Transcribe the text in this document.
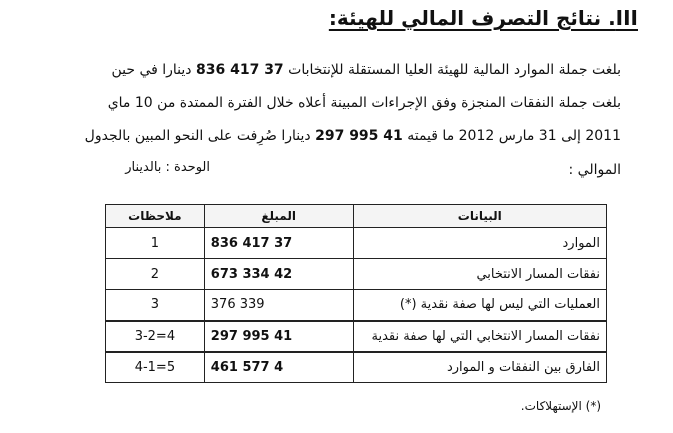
III. نتائج التصرف المالي للهيئة:
بلغت جملة الموارد المالية للهيئة العليا المستقلة للإنتخابات 836 417 37 دينارا في حين
بلغت جملة النفقات المنجزة وفق الإجراءات المبينة أعلاه خلال الفترة الممتدة من 10 ماي
2011 إلى 31 مارس 2012 ما قيمته 297 995 41 دينارا صُرِفت على النحو المبين بالجدول
الموالي :
الوحدة : بالدينار
البيانات	المبلغ	ملاحظات
الموارد	836 417 37	1
نفقات المسار الانتخابي	673 334 42	2
العمليات التي ليس لها صفة نقدية (*)	376 339	3
نفقات المسار الانتخابي التي لها صفة نقدية	297 995 41	3-2=4
الفارق بين النفقات و الموارد	461 577 4	4-1=5
(*) الإستهلاكات.
